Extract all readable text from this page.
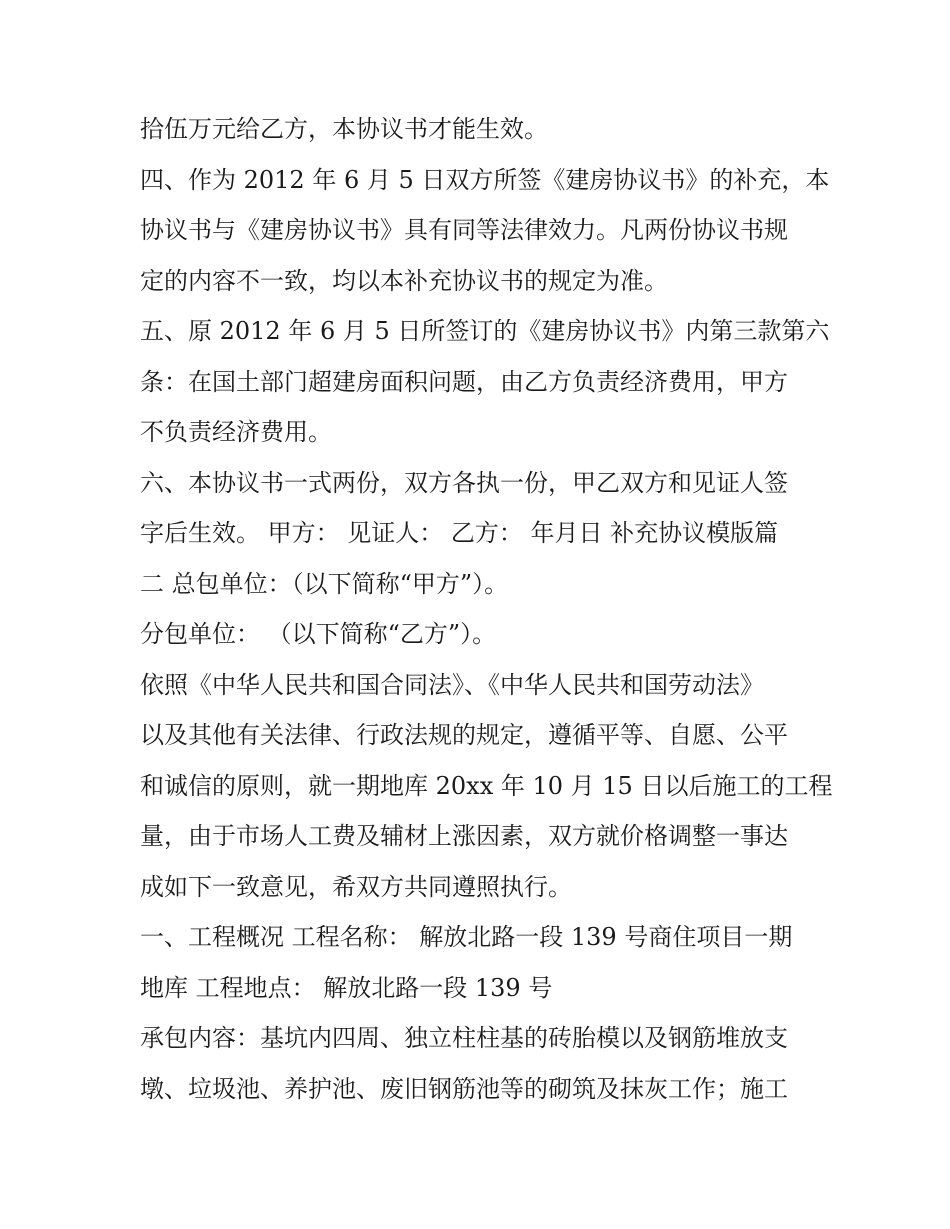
拾伍万元给乙方，本协议书才能生效。
四、作为 2012 年 6 月 5 日双方所签《建房协议书》的补充，本
协议书与《建房协议书》具有同等法律效力。凡两份协议书规
定的内容不一致，均以本补充协议书的规定为准。
五、原 2012 年 6 月 5 日所签订的《建房协议书》内第三款第六
条：在国土部门超建房面积问题，由乙方负责经济费用，甲方
不负责经济费用。
六、本协议书一式两份，双方各执一份，甲乙双方和见证人签
字后生效。 甲方： 见证人： 乙方： 年月日 补充协议模版篇
二 总包单位：（以下简称“甲方”）。
分包单位： （以下简称“乙方”）。
依照《中华人民共和国合同法》、《中华人民共和国劳动法》
以及其他有关法律、行政法规的规定，遵循平等、自愿、公平
和诚信的原则，就一期地库 20xx 年 10 月 15 日以后施工的工程
量，由于市场人工费及辅材上涨因素，双方就价格调整一事达
成如下一致意见，希双方共同遵照执行。
一、工程概况 工程名称： 解放北路一段 139 号商住项目一期
地库 工程地点： 解放北路一段 139 号
承包内容：基坑内四周、独立柱柱基的砖胎模以及钢筋堆放支
墩、垃圾池、养护池、废旧钢筋池等的砌筑及抹灰工作；施工
